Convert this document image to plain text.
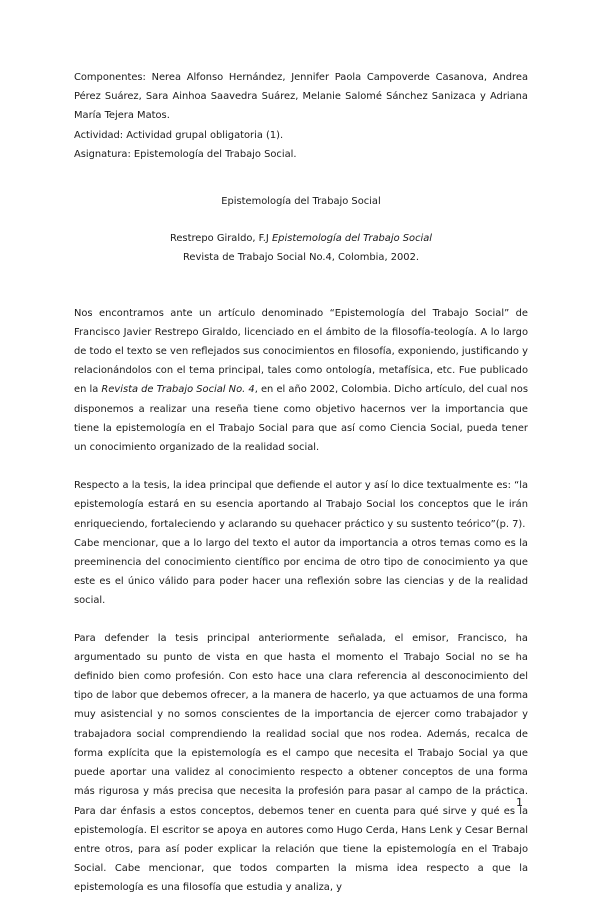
Componentes: Nerea Alfonso Hernández, Jennifer Paola Campoverde Casanova, Andrea Pérez Suárez, Sara Ainhoa Saavedra Suárez, Melanie Salomé Sánchez Sanizaca y Adriana María Tejera Matos.

Actividad: Actividad grupal obligatoria (1).

Asignatura: Epistemología del Trabajo Social.

Epistemología del Trabajo Social

Restrepo Giraldo, F.J Epistemología del Trabajo Social

Revista de Trabajo Social No.4, Colombia, 2002.

Nos encontramos ante un artículo denominado “Epistemología del Trabajo Social” de Francisco Javier Restrepo Giraldo, licenciado en el ámbito de la filosofía-teología. A lo largo de todo el texto se ven reflejados sus conocimientos en filosofía, exponiendo, justificando y relacionándolos con el tema principal, tales como ontología, metafísica, etc. Fue publicado en la Revista de Trabajo Social No. 4, en el año 2002, Colombia. Dicho artículo, del cual nos disponemos a realizar una reseña tiene como objetivo hacernos ver la importancia que tiene la epistemología en el Trabajo Social para que así como Ciencia Social, pueda tener un conocimiento organizado de la realidad social.

Respecto a la tesis, la idea principal que defiende el autor y así lo dice textualmente es: “la epistemología estará en su esencia aportando al Trabajo Social los conceptos que le irán enriqueciendo, fortaleciendo y aclarando su quehacer práctico y su sustento teórico”(p. 7).

Cabe mencionar, que a lo largo del texto el autor da importancia a otros temas como es la preeminencia del conocimiento científico por encima de otro tipo de conocimiento ya que este es el único válido para poder hacer una reflexión sobre las ciencias y de la realidad social.

Para defender la tesis principal anteriormente señalada, el emisor, Francisco, ha argumentado su punto de vista en que hasta el momento el Trabajo Social no se ha definido bien como profesión. Con esto hace una clara referencia al desconocimiento del tipo de labor que debemos ofrecer, a la manera de hacerlo, ya que actuamos de una forma muy asistencial y no somos conscientes de la importancia de ejercer como trabajador y trabajadora social comprendiendo la realidad social que nos rodea. Además, recalca de forma explícita que la epistemología es el campo que necesita el Trabajo Social ya que puede aportar una validez al conocimiento respecto a obtener conceptos de una forma más rigurosa y más precisa que necesita la profesión para pasar al campo de la práctica. Para dar énfasis a estos conceptos, debemos tener en cuenta para qué sirve y qué es la epistemología. El escritor se apoya en autores como Hugo Cerda, Hans Lenk y Cesar Bernal entre otros, para así poder explicar la relación que tiene la epistemología en el Trabajo Social. Cabe mencionar, que todos comparten la misma idea respecto a que la epistemología es una filosofía que estudia y analiza, y

1
